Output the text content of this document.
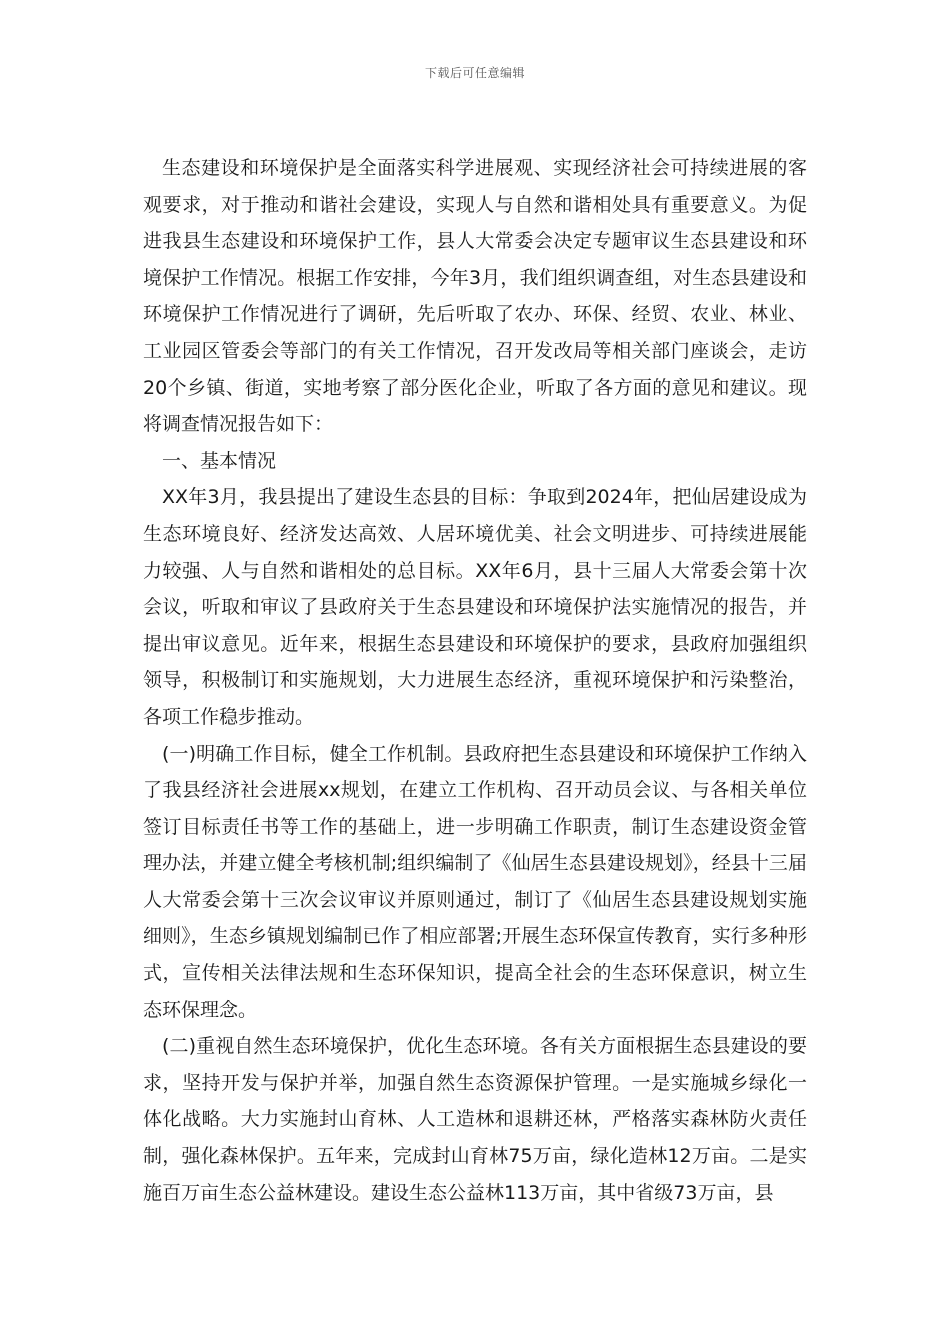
下载后可任意编辑

生态建设和环境保护是全面落实科学进展观、实现经济社会可持续进展的客观要求，对于推动和谐社会建设，实现人与自然和谐相处具有重要意义。为促进我县生态建设和环境保护工作，县人大常委会决定专题审议生态县建设和环境保护工作情况。根据工作安排，今年3月，我们组织调查组，对生态县建设和环境保护工作情况进行了调研，先后听取了农办、环保、经贸、农业、林业、工业园区管委会等部门的有关工作情况，召开发改局等相关部门座谈会，走访20个乡镇、街道，实地考察了部分医化企业，听取了各方面的意见和建议。现将调查情况报告如下：

一、基本情况

XX年3月，我县提出了建设生态县的目标：争取到2024年，把仙居建设成为生态环境良好、经济发达高效、人居环境优美、社会文明进步、可持续进展能力较强、人与自然和谐相处的总目标。XX年6月，县十三届人大常委会第十次会议，听取和审议了县政府关于生态县建设和环境保护法实施情况的报告，并提出审议意见。近年来，根据生态县建设和环境保护的要求，县政府加强组织领导，积极制订和实施规划，大力进展生态经济，重视环境保护和污染整治，各项工作稳步推动。

(一)明确工作目标，健全工作机制。县政府把生态县建设和环境保护工作纳入了我县经济社会进展xx规划，在建立工作机构、召开动员会议、与各相关单位签订目标责任书等工作的基础上，进一步明确工作职责，制订生态建设资金管理办法，并建立健全考核机制;组织编制了《仙居生态县建设规划》，经县十三届人大常委会第十三次会议审议并原则通过，制订了《仙居生态县建设规划实施细则》，生态乡镇规划编制已作了相应部署;开展生态环保宣传教育，实行多种形式，宣传相关法律法规和生态环保知识，提高全社会的生态环保意识，树立生态环保理念。

(二)重视自然生态环境保护，优化生态环境。各有关方面根据生态县建设的要求，坚持开发与保护并举，加强自然生态资源保护管理。一是实施城乡绿化一体化战略。大力实施封山育林、人工造林和退耕还林，严格落实森林防火责任制，强化森林保护。五年来，完成封山育林75万亩，绿化造林12万亩。二是实施百万亩生态公益林建设。建设生态公益林113万亩，其中省级73万亩，县
